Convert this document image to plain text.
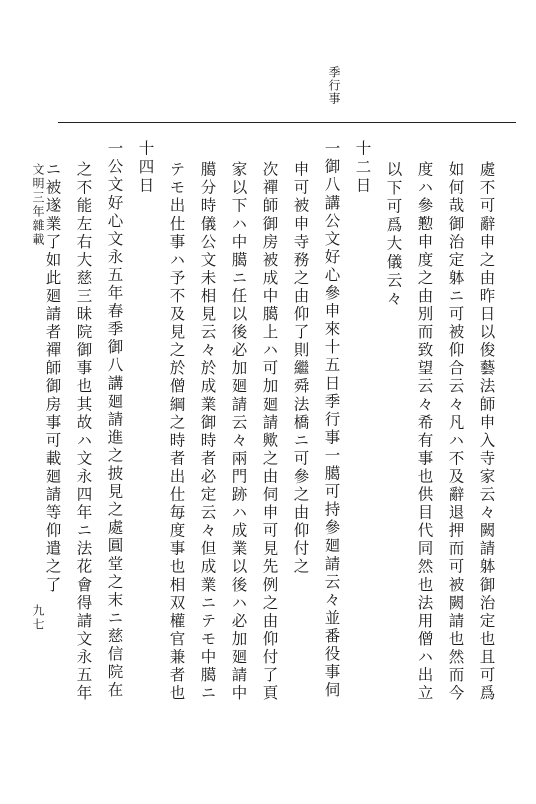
季行事
處不可辭申之由昨日以俊藝法師申入寺家云々闕請躰御治定也且可爲
如何哉御治定躰ニ可被仰合云々凡ハ不及辭退押而可被闕請也然而今
度ハ參懃申度之由別而致望云々希有事也供目代同然也法用僧ハ出立
以下可爲大儀云々
十二日
一御八講公文好心參申來十五日季行事一臈可持參廻請云々並番役事伺
申可被申寺務之由仰了則繼舜法橋ニ可參之由仰付之
次禪師御房被成中臈上ハ可加廻請歟之由伺申可見先例之由仰付了頁
家以下ハ中臈ニ任以後必加廻請云々兩門跡ハ成業以後ハ必加廻請中
臈分時儀公文未相見云々於成業御時者必定云々但成業ニテモ中臈ニ
テモ出仕事ハ予不及見之於僧綱之時者出仕毎度事也相双權官兼者也
十四日
一公文好心文永五年春季御八講廻請進之披見之處圓堂之末ニ慈信院在
之不能左右大慈三昧院御事也其故ハ文永四年ニ法花會得請文永五年
ニ被遂業了如此廻請者禪師御房事可載廻請等仰遣之了
文明三年雜載
九七
